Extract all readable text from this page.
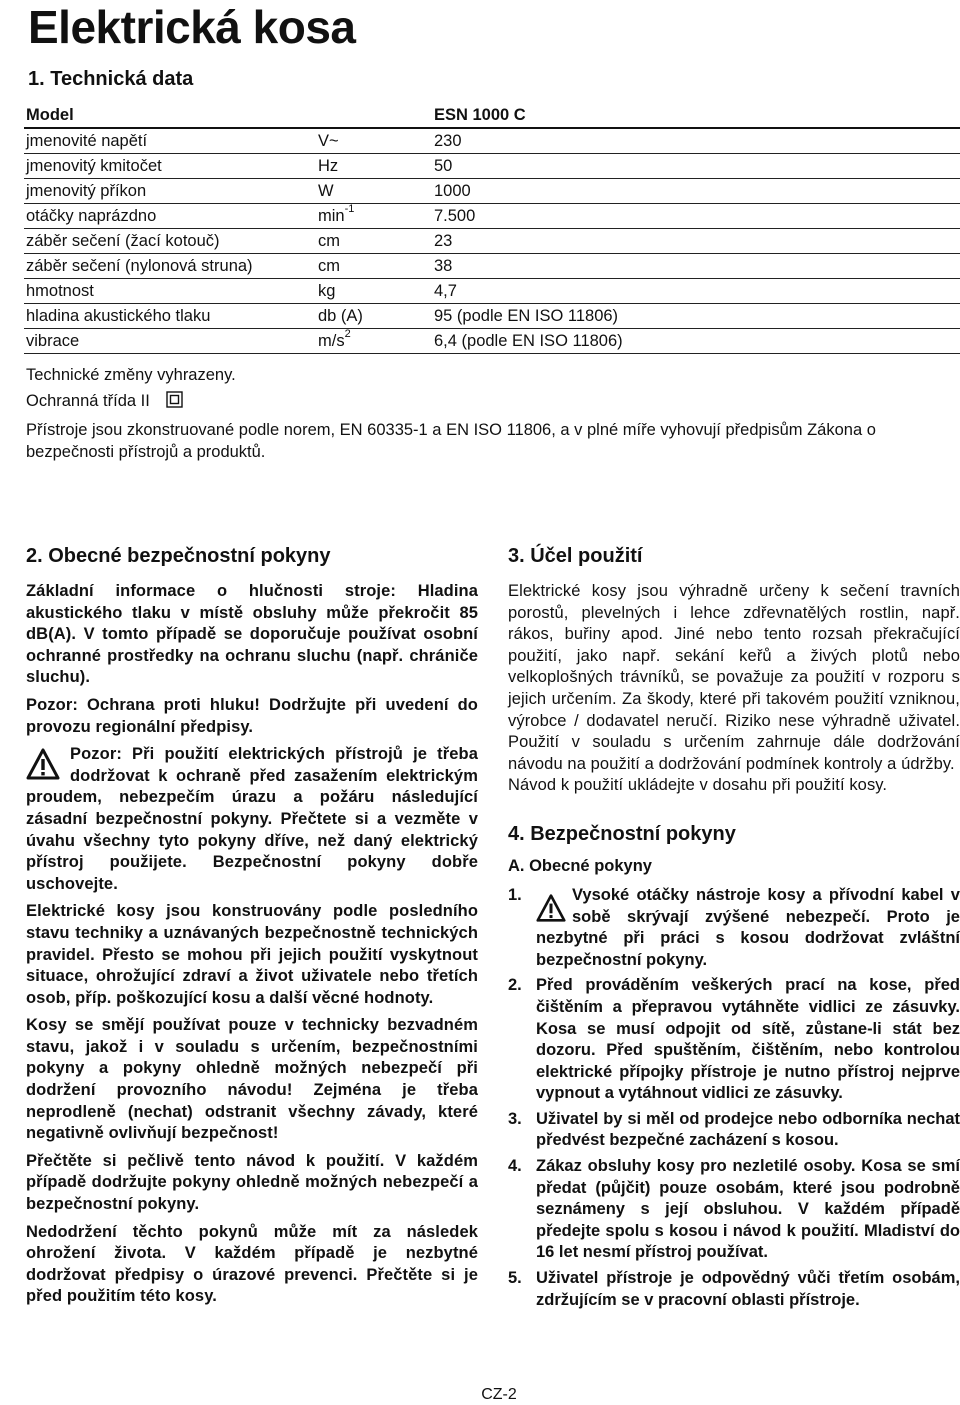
Elektrická kosa
1. Technická data
Model		ESN 1000 C
jmenovité napětí	V~	230
jmenovitý kmitočet	Hz	50
jmenovitý příkon	W	1000
otáčky naprázdno	$\min^{-1}$	7.500
záběr sečení (žací kotouč)	cm	23
záběr sečení (nylonová struna)	cm	38
hmotnost	kg	4,7
hladina akustického tlaku	db (A)	95 (podle EN ISO 11806)
vibrace	$m/s^2$	6,4 (podle EN ISO 11806)
Technické změny vyhrazeny.
Ochranná třída II
Přístroje jsou zkonstruované podle norem, EN 60335-1 a EN ISO 11806, a v plné míře vyhovují předpisům Zákona o bezpečnosti přístrojů a produktů.
2. Obecné bezpečnostní pokyny

Základní informace o hlučnosti stroje: Hladina akustického tlaku v místě obsluhy může překročit 85 dB(A). V tomto případě se doporučuje používat osobní ochranné prostředky na ochranu sluchu (např. chrániče sluchu).

Pozor: Ochrana proti hluku! Dodržujte při uvedení do provozu regionální předpisy.

Pozor: Při použití elektrických přístrojů je třeba dodržovat k ochraně před zasažením elektrickým proudem, nebezpečím úrazu a požáru následující zásadní bezpečnostní pokyny. Přečtete si a vezměte v úvahu všechny tyto pokyny dříve, než daný elektrický přístroj použijete. Bezpečnostní pokyny dobře uschovejte.

Elektrické kosy jsou konstruovány podle posledního stavu techniky a uznávaných bezpečnostně technických pravidel. Přesto se mohou při jejich použití vyskytnout situace, ohrožující zdraví a život uživatele nebo třetích osob, příp. poškozující kosu a další věcné hodnoty.

Kosy se smějí používat pouze v technicky bezvadném stavu, jakož i v souladu s určením, bezpečnostními pokyny a pokyny ohledně možných nebezpečí při dodržení provozního návodu! Zejména je třeba neprodleně (nechat) odstranit všechny závady, které negativně ovlivňují bezpečnost!

Přečtěte si pečlivě tento návod k použití. V každém případě dodržujte pokyny ohledně možných nebezpečí a bezpečnostní pokyny.

Nedodržení těchto pokynů může mít za následek ohrožení života. V každém případě je nezbytné dodržovat předpisy o úrazové prevenci. Přečtěte si je před použitím této kosy.

3. Účel použití

Elektrické kosy jsou výhradně určeny k sečení travních porostů, plevelných i lehce zdřevnatělých rostlin, např. rákos, buřiny apod. Jiné nebo tento rozsah překračující použití, jako např. sekání keřů a živých plotů nebo velkoplošných trávníků, se považuje za použití v rozporu s jejich určením. Za škody, které při takovém použití vzniknou, výrobce / dodavatel neručí. Riziko nese výhradně uživatel. Použití v souladu s určením zahrnuje dále dodržování návodu na použití a dodržování podmínek kontroly a údržby.

Návod k použití ukládejte v dosahu při použití kosy.

4. Bezpečnostní pokyny
A. Obecné pokyny
1.	Vysoké otáčky nástroje kosy a přívodní kabel v sobě skrývají zvýšené nebezpečí. Proto je nezbytné při práci s kosou dodržovat zvláštní bezpečnostní pokyny.
2. Před prováděním veškerých prací na kose, před čištěním a přepravou vytáhněte vidlici ze zásuvky. Kosa se musí odpojit od sítě, zůstane-li stát bez dozoru. Před spuštěním, čištěním, nebo kontrolou elektrické přípojky přístroje je nutno přístroj nejprve vypnout a vytáhnout vidlici ze zásuvky.
3. Uživatel by si měl od prodejce nebo odborníka nechat předvést bezpečné zacházení s kosou.
4. Zákaz obsluhy kosy pro nezletilé osoby. Kosa se smí předat (půjčit) pouze osobám, které jsou podrobně seznámeny s její obsluhou. V každém případě předejte spolu s kosou i návod k použití. Mladiství do 16 let nesmí přístroj používat.
5. Uživatel přístroje je odpovědný vůči třetím osobám, zdržujícím se v pracovní oblasti přístroje.
CZ-2
